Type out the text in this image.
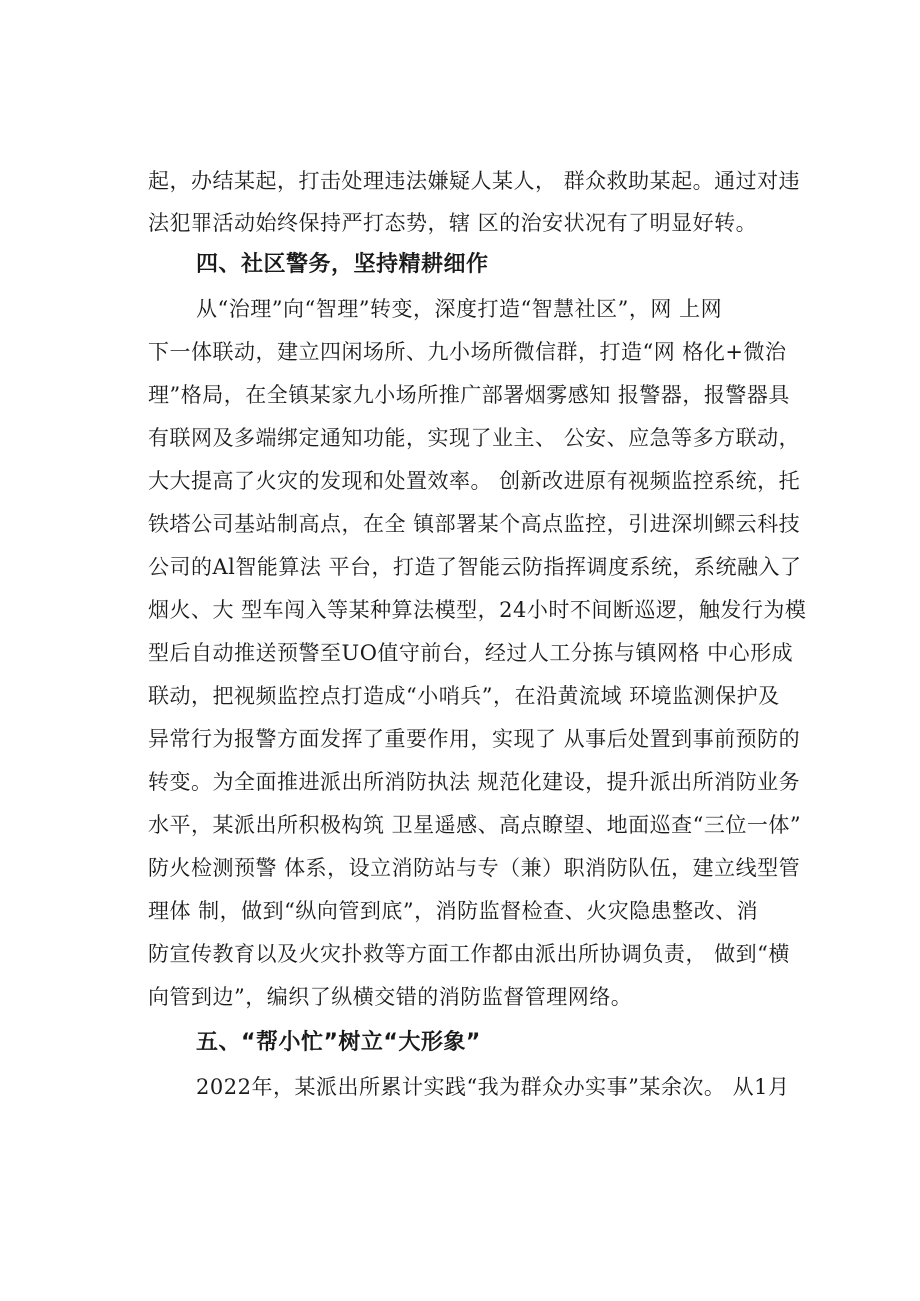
起，办结某起，打击处理违法嫌疑人某人， 群众救助某起。通过对违
法犯罪活动始终保持严打态势，辖 区的治安状况有了明显好转。
四、社区警务，坚持精耕细作
从“治理”向“智理”转变，深度打造“智慧社区”，网 上网
下一体联动，建立四闲场所、九小场所微信群，打造“网 格化+微治
理”格局，在全镇某家九小场所推广部署烟雾感知 报警器，报警器具
有联网及多端绑定通知功能，实现了业主、 公安、应急等多方联动，
大大提高了火灾的发现和处置效率。 创新改进原有视频监控系统，托
铁塔公司基站制高点，在全 镇部署某个高点监控，引进深圳鳏云科技
公司的Al智能算法 平台，打造了智能云防指挥调度系统，系统融入了
烟火、大 型车闯入等某种算法模型，24小时不间断巡逻，触发行为模
型后自动推送预警至UO值守前台，经过人工分拣与镇网格 中心形成
联动，把视频监控点打造成“小哨兵”，在沿黄流域 环境监测保护及
异常行为报警方面发挥了重要作用，实现了 从事后处置到事前预防的
转变。为全面推进派出所消防执法 规范化建设，提升派出所消防业务
水平，某派出所积极构筑 卫星遥感、高点瞭望、地面巡查“三位一体”
防火检测预警 体系，设立消防站与专（兼）职消防队伍，建立线型管
理体 制，做到“纵向管到底”，消防监督检查、火灾隐患整改、消
防宣传教育以及火灾扑救等方面工作都由派出所协调负责， 做到“横
向管到边”，编织了纵横交错的消防监督管理网络。
五、“帮小忙”树立“大形象”
2022年，某派出所累计实践“我为群众办实事”某余次。 从1月
